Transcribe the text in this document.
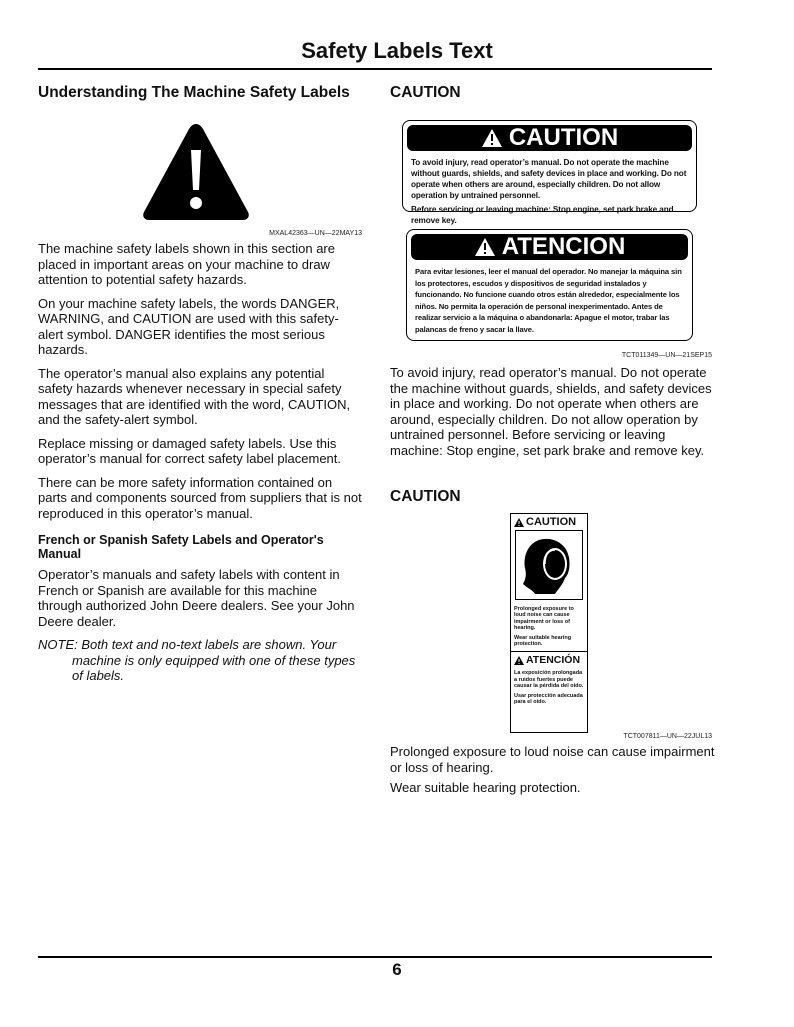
Safety Labels Text
Understanding The Machine Safety Labels
MXAL42363—UN—22MAY13

The machine safety labels shown in this section are placed in important areas on your machine to draw attention to potential safety hazards.

On your machine safety labels, the words DANGER, WARNING, and CAUTION are used with this safety-alert symbol. DANGER identifies the most serious hazards.

The operator’s manual also explains any potential safety hazards whenever necessary in special safety messages that are identified with the word, CAUTION, and the safety-alert symbol.

Replace missing or damaged safety labels. Use this operator’s manual for correct safety label placement.

There can be more safety information contained on parts and components sourced from suppliers that is not reproduced in this operator’s manual.

French or Spanish Safety Labels and Operator's Manual

Operator’s manuals and safety labels with content in French or Spanish are available for this machine through authorized John Deere dealers. See your John Deere dealer.

NOTE: Both text and no-text labels are shown. Your
machine is only equipped with one of these types of labels.
CAUTION
CAUTION
To avoid injury, read operator’s manual. Do not operate the machine without guards, shields, and safety devices in place and working. Do not operate when others are around, especially children. Do not allow operation by untrained personnel.
Before servicing or leaving machine: Stop engine, set park brake and remove key.
ATENCION
Para evitar lesiones, leer el manual del operador. No manejar la máquina sin los protectores, escudos y dispositivos de seguridad instalados y funcionando. No funcione cuando otros están alrededor, especialmente los niños. No permita la operación de personal inexperimentado. Antes de realizar servicio a la máquina o abandonarla: Apague el motor, trabar las palancas de freno y sacar la llave.
TCT011349—UN—21SEP15

To avoid injury, read operator’s manual. Do not operate the machine without guards, shields, and safety devices in place and working. Do not operate when others are around, especially children. Do not allow operation by untrained personnel. Before servicing or leaving machine: Stop engine, set park brake and remove key.

CAUTION
CAUTION
Prolonged exposure to loud noise can cause impairment or loss of hearing.
Wear suitable hearing protection.
ATENCIÓN
La exposición prolongada a ruidos fuertes puede causar la pérdida del oído.
Usar protección adecuada para el oído.
TCT007811—UN—22JUL13

Prolonged exposure to loud noise can cause impairment or loss of hearing.

Wear suitable hearing protection.

6
